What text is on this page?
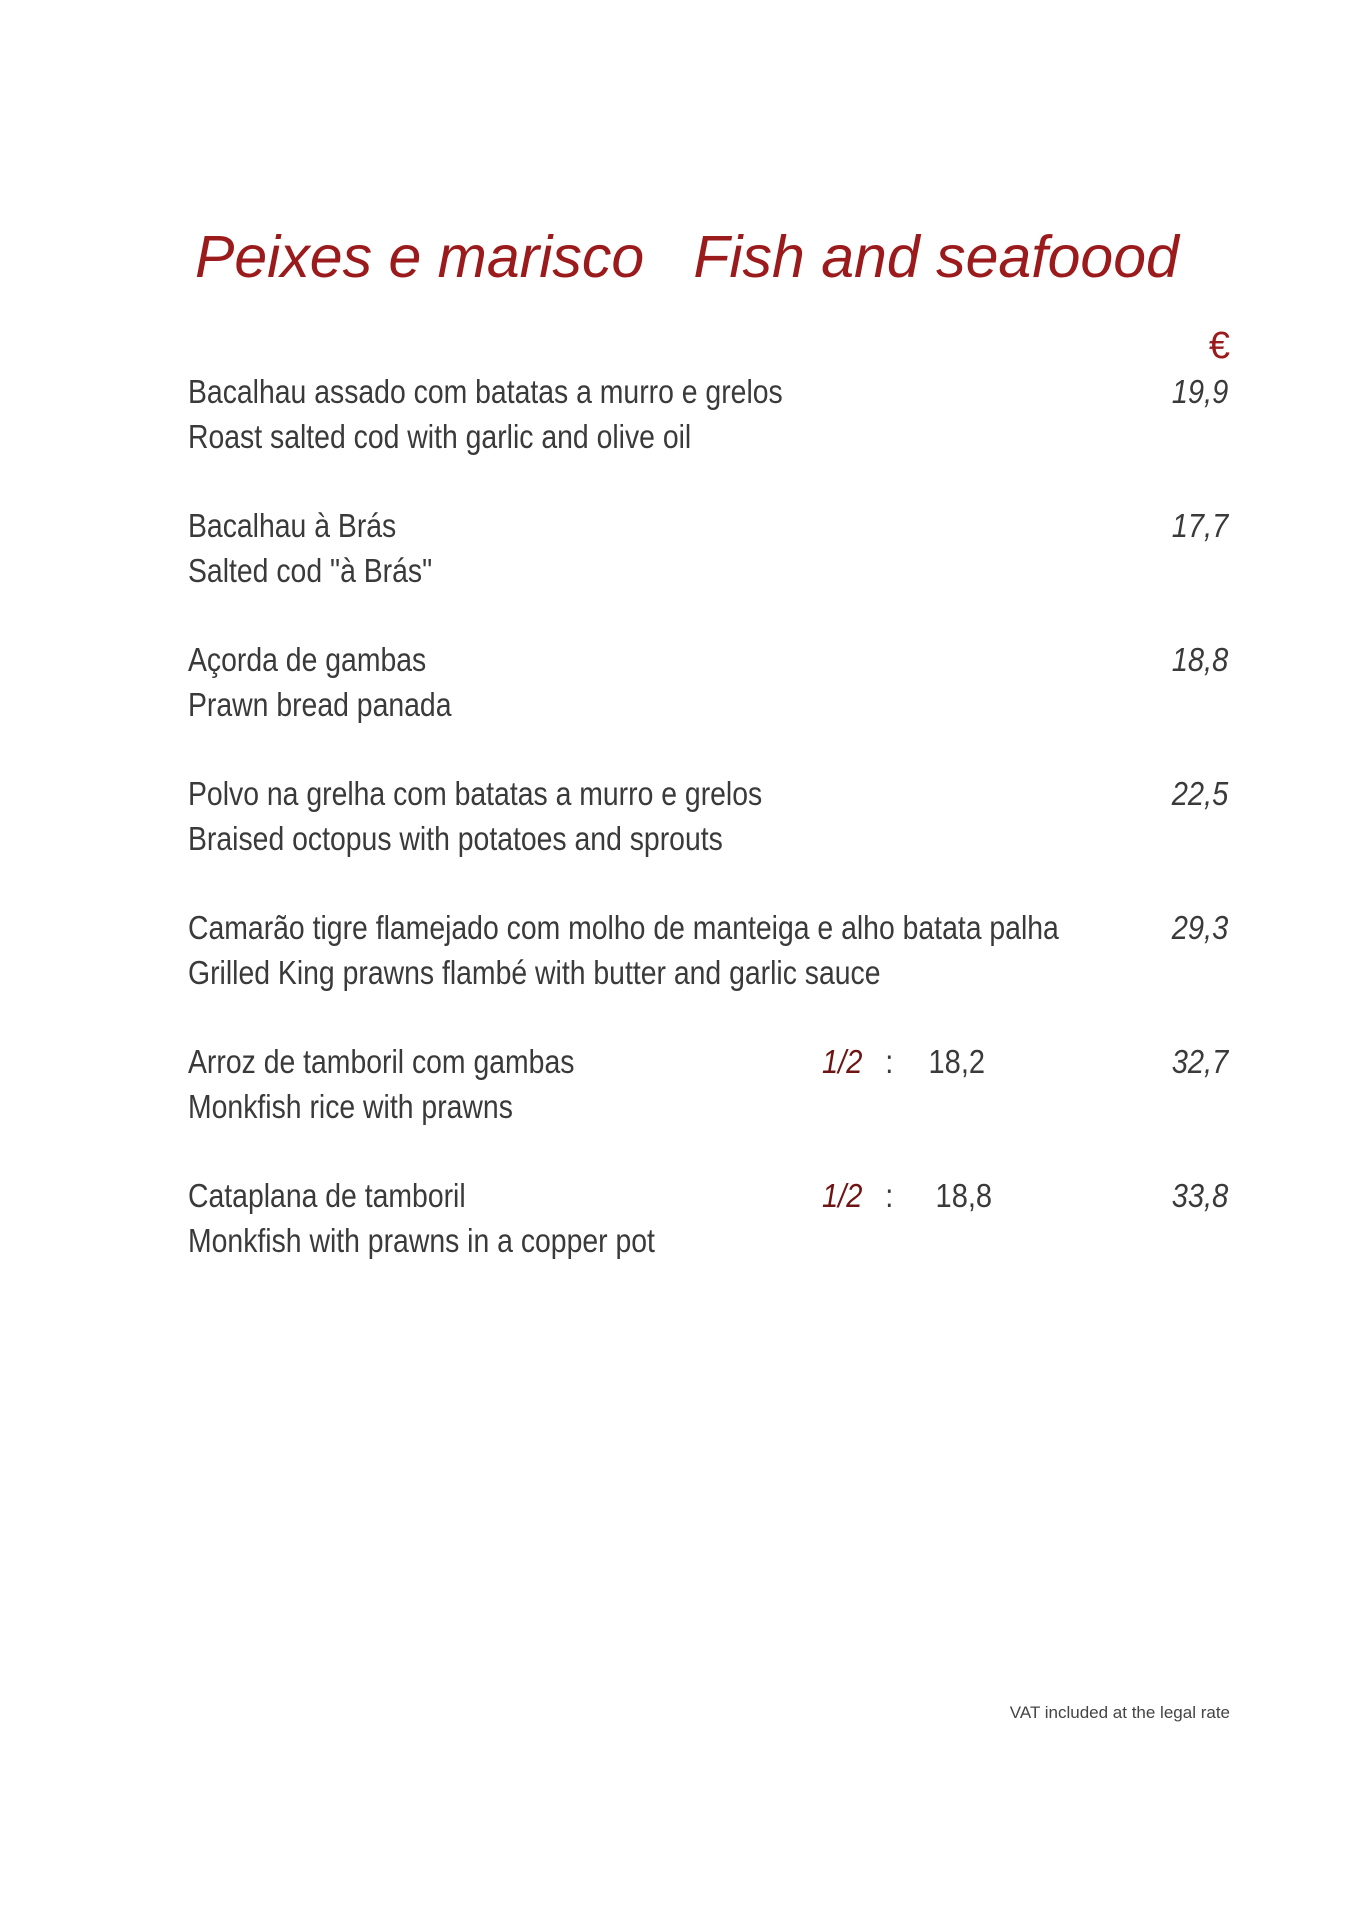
Peixes e marisco   Fish and seafoood
€
Bacalhau assado com batatas a murro e grelos
Roast salted cod with garlic and olive oil
19,9
Bacalhau à Brás
Salted cod "à Brás"
17,7
Açorda de gambas
Prawn bread panada
18,8
Polvo na grelha com batatas a murro e grelos
Braised octopus with potatoes and sprouts
22,5
Camarão tigre flamejado com molho de manteiga e alho batata palha
Grilled King prawns flambé with butter and garlic sauce
29,3
Arroz de tamboril com gambas
Monkfish rice with prawns
1/2 : 18,2	32,7
Cataplana de tamboril
Monkfish with prawns in a copper pot
1/2 : 18,8	33,8
VAT included at the legal rate
